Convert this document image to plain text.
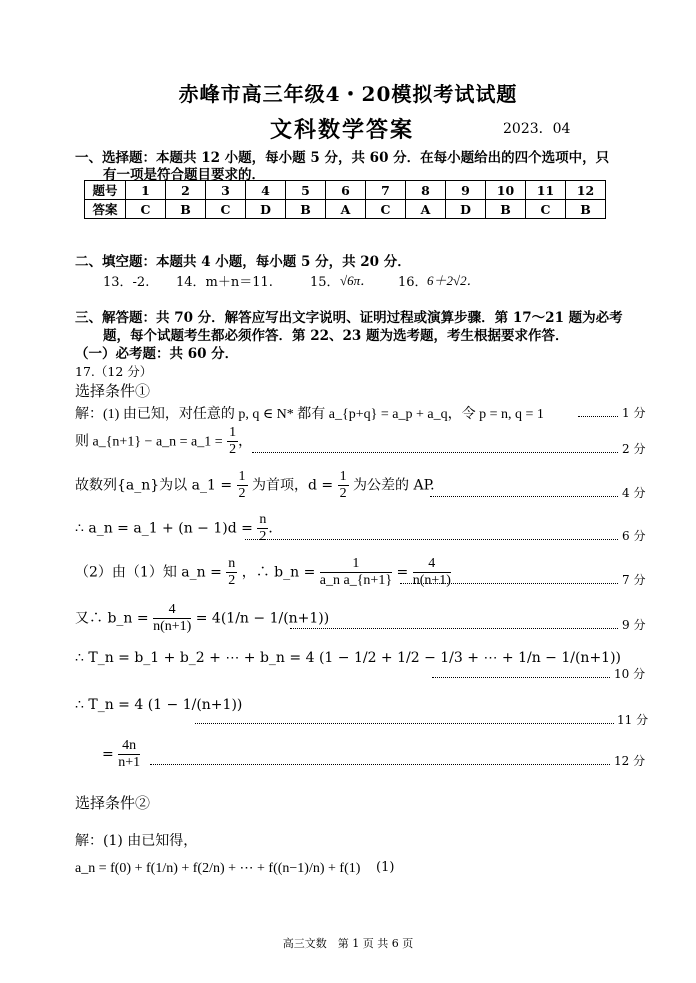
赤峰市高三年级4・20模拟考试试题
文科数学答案	2023．04
一、选择题：本题共 12 小题，每小题 5 分，共 60 分．在每小题给出的四个选项中，只
有一项是符合题目要求的．
题号	1	2	3	4	5	6	7	8	9	10	11	12
答案	C	B	C	D	B	A	C	A	D	B	C	B
二、填空题：本题共 4 小题，每小题 5 分，共 20 分．
13．-2. 14．m＋n＝11.	15． √6π． 16． 6＋2√2．
三、解答题：共 70 分．解答应写出文字说明、证明过程或演算步骤．第 17～21 题为必考
题，每个试题考生都必须作答．第 22、23 题为选考题，考生根据要求作答．
（一）必考题：共 60 分．
17.（12 分）
选择条件①
解：(1) 由已知，对任意的 p, q ∈ N* 都有 a_{p+q} = a_p + a_q，令 p = n, q = 1	1 分
则 a_{n+1} − a_n = a_1 = $\frac{1}{2}$ ，	2 分
故数列{a_n}为以 a_1 = $\frac{1}{2}$ 为首项，$d = \frac{1}{2}$ 为公差的 AP.	4 分
∴ a_n = a_1 + $(n - 1)d = \frac{n}{2}$ ．	6 分
（2）由（1）知 a_n = $\frac{n}{2}$ ，∴ b_n = $\frac{1}{\text{a\_n a\_\{n+1\}}} = \frac{4}{n(n+1)}$	7 分
又∴ b_n = $\frac{4}{n(n+1)} = 4(1/n - 1/(n+1))$	9 分
∴ T_n = b_1 + b_2 + ⋯ + b_n = 4 (1 − 1/2 + 1/2 − 1/3 + ⋯ + 1/n − 1/(n+1))
10 分
∴ T_n = 4 (1 − 1/(n+1))
11 分
= $\frac{4n}{n+1}$	12 分
选择条件②
解：(1) 由已知得，
a_n = f(0) + f(1/n) + f(2/n) + ⋯ + f((n−1)/n) + f(1) (1)
高三文数　第 1 页 共 6 页
